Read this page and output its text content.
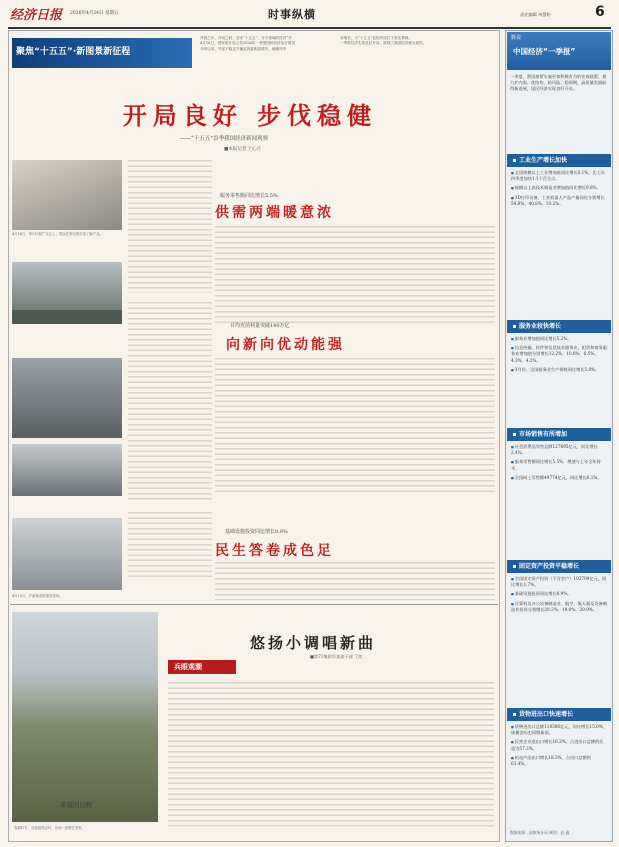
经济日报 2026年4月24日 星期五	时事纵横	责任编辑 单慧粉	6
聚焦“十五五”·新图景新征程
开局之年，开局之时，迎来“十五五”，各个领域的经济“开
4月16日，国家统计局公布2026年一季度国民经济运行情况
今年以来，外部不稳定不确定因素明显增多，地缘冲突
成增长，为“十五五”良好开局打下坚实基础。
一季度经济实现良好开局，展现了我国经济强大韧性。
开局良好 步伐稳健
——“十五五”首季我国经济新闻观察
■本报记者 于心月
4月16日，第139届广交会上，观众在家电展位前了解产品。
4月15日，沪渝蓉高铁建设现场。
服务零售额同比增长5.5%
供需两端暖意浓
目均充消利量突破140万亿
向新向优动能强
基础设施投资同比增长8.9%
民生答卷成色足
悠扬小调唱新曲
■第71集团军某旅干部 丁凯
希望的田野
春耕时节，各地抢抓农时，田间一派繁忙景象。
兵眼观潮
数说
中国经济“一季报”
一季度，我国加紧实施更加积极有为的宏观政策，着力扩内需、优结构、防风险、稳预期，高质量发展取得新进展，国民经济实现良好开局。
工业生产增长加快
■ 全国规模以上工业增加值同比增长6.1%，比上年四季度加快1.1个百分点。
■ 规模以上高技术制造业增加值同比增长9.8%。
■ 3D打印设备、工业机器人产品产量同比分别增长54.0%、40.8%、33.2%。
服务业较快增长
■ 服务业增加值同比增长5.2%。
■ 信息传输、软件和信息技术服务业，租赁和商务服务业增加值分别增长12.2%、10.6%、6.5%、4.3%、4.2%。
■ 3月份，全国服务业生产指数同比增长5.8%。
市场销售有所增加
■ 社会消费品零售总额127695亿元，同比增长2.4%。
■ 服务零售额同比增长5.5%，增速与上年全年持平。
■ 全国网上零售额49774亿元，同比增长6.1%。
固定资产投资平稳增长
■ 全国固定资产投资（不含农户）102709亿元，同比增长1.7%。
■ 基础设施投资同比增长8.9%。
■ 计算机及办公设备制造业、航空、航天器及设备制造业投资分别增长28.3%、19.0%、20.9%。
货物进出口快速增长
■ 货物进出口总额118380亿元，同比增长15.0%，规模创历史同期新高。
■ 民营企业进出口增长16.2%，占进出口总额的比重为57.3%。
■ 机电产品出口增长18.3%，占出口总额的63.4%。
数据来源：国家统计局 制图：赵 鑫
